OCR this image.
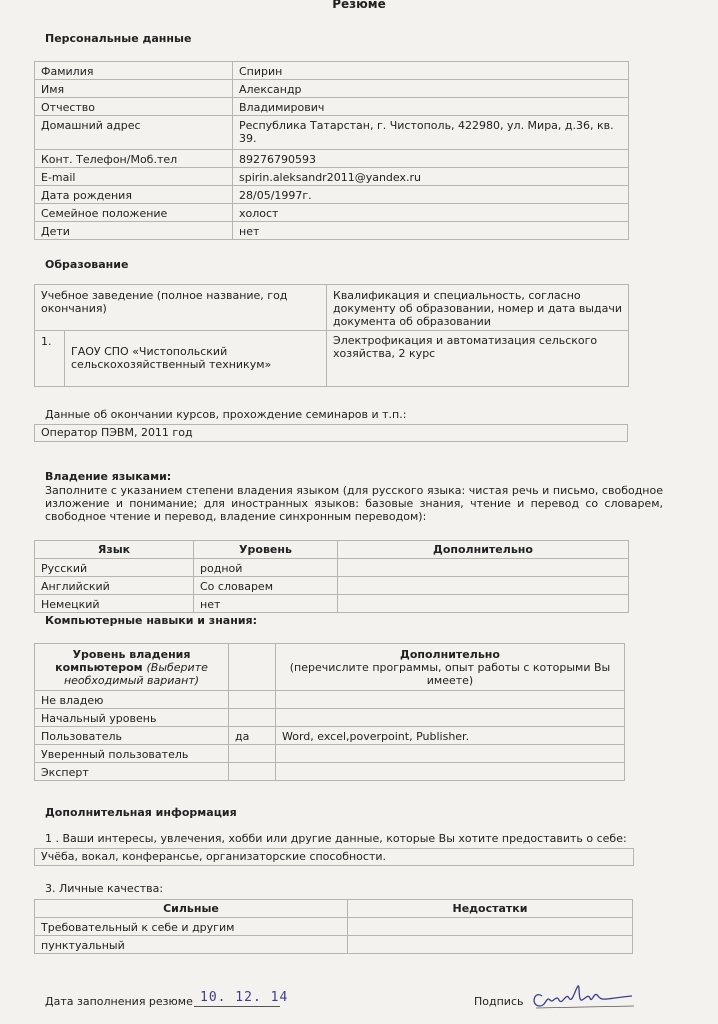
Резюме
Персональные данные
Фамилия	Спирин
Имя	Александр
Отчество	Владимирович
Домашний адрес	Республика Татарстан, г. Чистополь, 422980, ул. Мира, д.36, кв. 39.
Конт. Телефон/Моб.тел	89276790593
E-mail	spirin.aleksandr2011@yandex.ru
Дата рождения	28/05/1997г.
Семейное положение	холост
Дети	нет
Образование
Учебное заведение (полное название, год окончания)		Квалификация и специальность, согласно документу об образовании, номер и дата выдачи документа об образовании
1.	ГАОУ СПО «Чистопольский сельскохозяйственный техникум»	Электрофикация и автоматизация сельского хозяйства, 2 курс
Данные об окончании курсов, прохождение семинаров и т.п.:
Оператор ПЭВМ, 2011 год
Владение языками:
Заполните с указанием степени владения языком (для русского языка: чистая речь и письмо, свободное изложение и понимание; для иностранных языков: базовые знания, чтение и перевод со словарем, свободное чтение и перевод, владение синхронным переводом):
Язык	Уровень	Дополнительно
Русский	родной	
Английский	Со словарем	
Немецкий	нет	
Компьютерные навыки и знания:
Уровень владения компьютером (Выберите необходимый вариант)		Дополнительно
(перечислите программы, опыт работы с которыми Вы имеете)

Не владею		
Начальный уровень		
Пользователь	да	Word, excel,poverpoint, Publisher.
Уверенный пользователь		
Эксперт		
Дополнительная информация
1 . Ваши интересы, увлечения, хобби или другие данные, которые Вы хотите предоставить о себе:
Учёба, вокал, конферансье, организаторские способности.
3. Личные качества:
Сильные	Недостатки
Требовательный к себе и другим	
пунктуальный	
Дата заполнения резюме 10. 12. 14	Подпись
